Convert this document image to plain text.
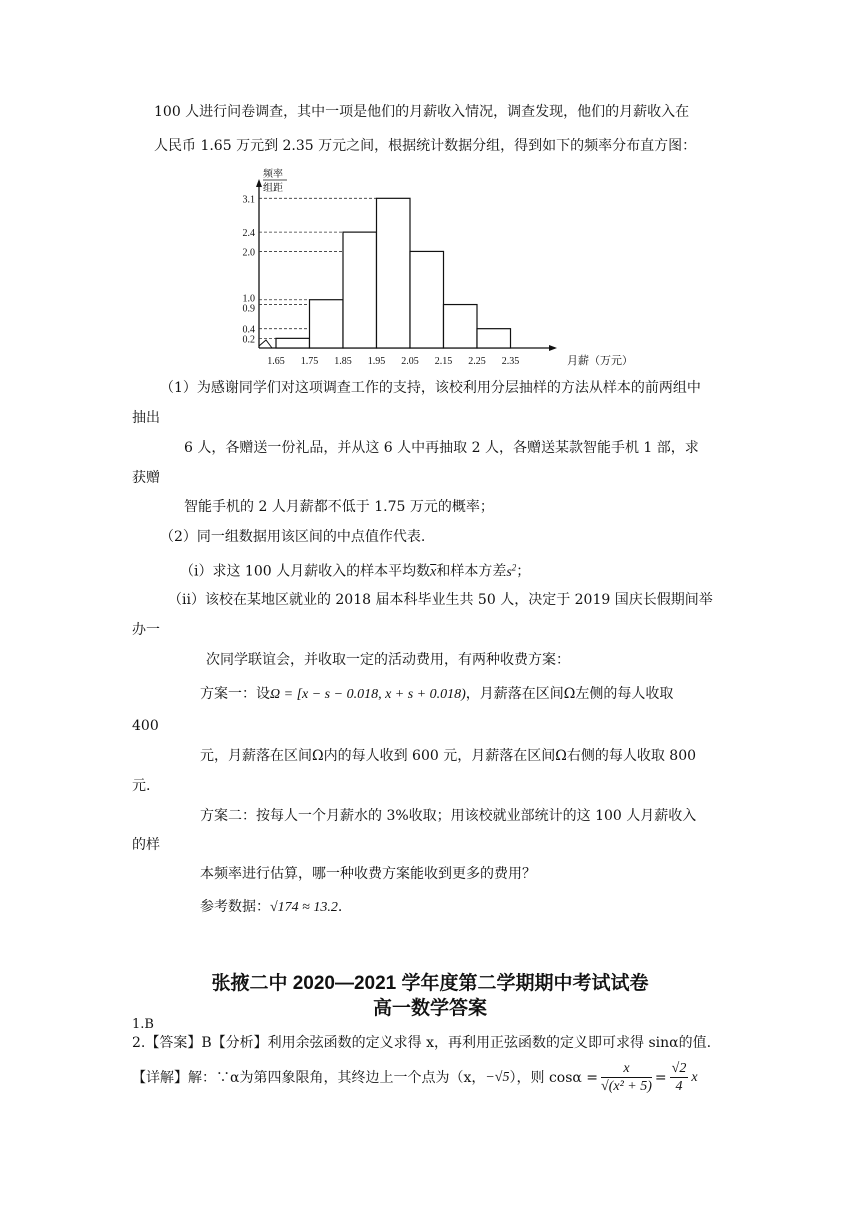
100 人进行问卷调查，其中一项是他们的月薪收入情况，调查发现，他们的月薪收入在
人民币 1.65 万元到 2.35 万元之间，根据统计数据分组，得到如下的频率分布直方图：
0.2
0.4
0.9
1.0
2.0
2.4
3.1
1.65 1.75 1.85 1.95 2.05 2.15 2.25 2.35
频率
组距
月薪（万元）
（1）为感谢同学们对这项调查工作的支持，该校利用分层抽样的方法从样本的前两组中
抽出
6 人，各赠送一份礼品，并从这 6 人中再抽取 2 人，各赠送某款智能手机 1 部，求
获赠
智能手机的 2 人月薪都不低于 1.75 万元的概率；
（2）同一组数据用该区间的中点值作代表.
（i）求这 100 人月薪收入的样本平均数$\overline{x}$和样本方差$s^2$；
（ii）该校在某地区就业的 2018 届本科毕业生共 50 人，决定于 2019 国庆长假期间举
办一
次同学联谊会，并收取一定的活动费用，有两种收费方案：
方案一：设Ω = [x − s − 0.018, x + s + 0.018)，月薪落在区间Ω左侧的每人收取
400
元，月薪落在区间Ω内的每人收到 600 元，月薪落在区间Ω右侧的每人收取 800
元.
方案二：按每人一个月薪水的 3%收取；用该校就业部统计的这 100 人月薪收入
的样
本频率进行估算，哪一种收费方案能收到更多的费用？
参考数据：√174 ≈ 13.2.
张掖二中 2020—2021 学年度第二学期期中考试试卷
高一数学答案
1.B
2.【答案】B【分析】利用余弦函数的定义求得 x，再利用正弦函数的定义即可求得 sinα的值.
【详解】解：∵α为第四象限角，其终边上一个点为（x， −√5 ），则 $\cos\alpha = \frac{x}{\text{√(x² + 5)}} = \frac{√2}{4}$ x
